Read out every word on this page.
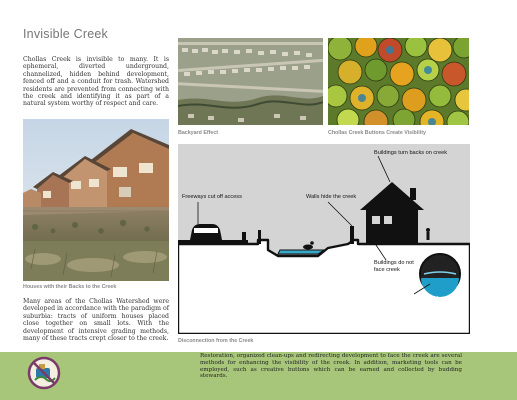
Invisible Creek

Chollas Creek is invisible to many. It is ephemeral, diverted underground, channelized, hidden behind development, fenced off and a conduit for trash. Watershed residents are prevented from connecting with the creek and identifying it as part of a natural system worthy of respect and care.

Houses with their Backs to the Creek

Many areas of the Chollas Watershed were developed in accordance with the paradigm of suburbia: tracts of uniform houses placed close together on small lots. With the development of intensive grading methods, many of these tracts crept closer to the creek.

Backyard Effect	Chollas Creek Buttons Create Visibility
Freeways cut off access	Walls hide the creek
Buildings turn backs on creek
Buildings do not
face creek
Culverted sections hidden
Disconnection from the Creek

Restoration, organized clean-ups and redirecting development to face the creek are several methods for enhancing the visibility of the creek. In addition, marketing tools can be employed, such as creative buttons which can be earned and collected by budding stewards.
